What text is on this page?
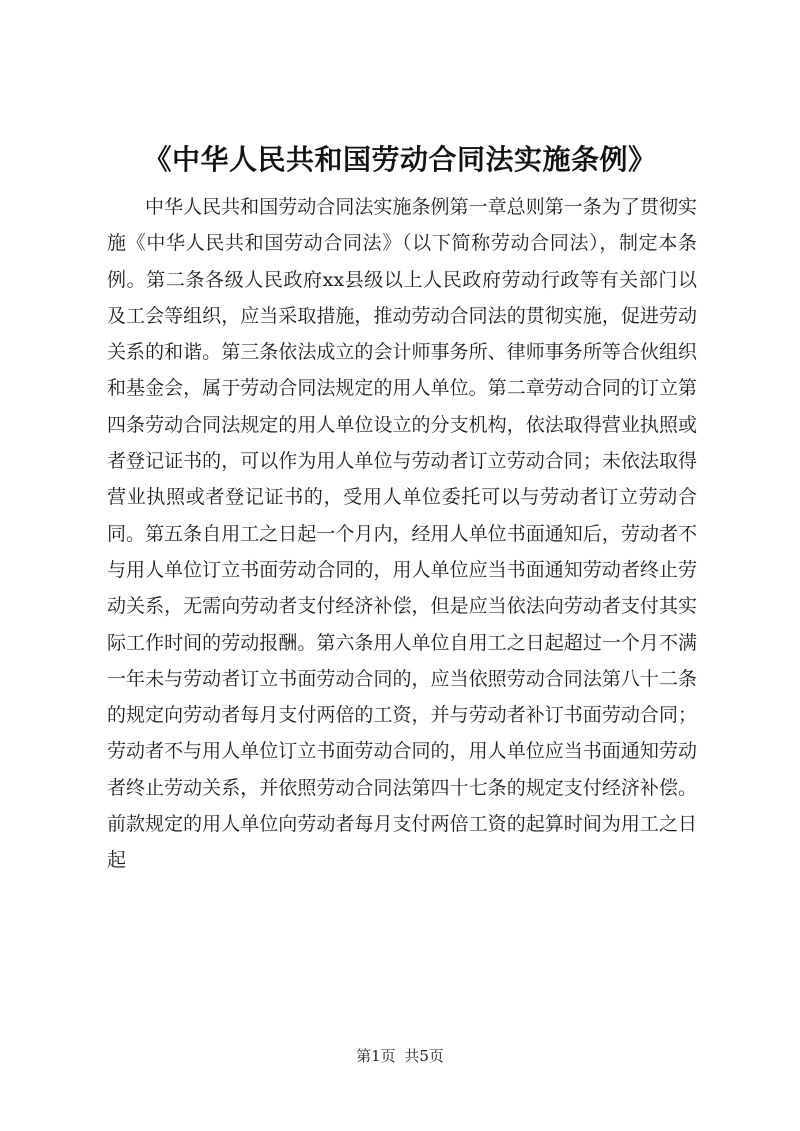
《中华人民共和国劳动合同法实施条例》

中华人民共和国劳动合同法实施条例第一章总则第一条为了贯彻实施《中华人民共和国劳动合同法》（以下简称劳动合同法），制定本条例。第二条各级人民政府xx县级以上人民政府劳动行政等有关部门以及工会等组织，应当采取措施，推动劳动合同法的贯彻实施，促进劳动关系的和谐。第三条依法成立的会计师事务所、律师事务所等合伙组织和基金会，属于劳动合同法规定的用人单位。第二章劳动合同的订立第四条劳动合同法规定的用人单位设立的分支机构，依法取得营业执照或者登记证书的，可以作为用人单位与劳动者订立劳动合同；未依法取得营业执照或者登记证书的，受用人单位委托可以与劳动者订立劳动合同。第五条自用工之日起一个月内，经用人单位书面通知后，劳动者不与用人单位订立书面劳动合同的，用人单位应当书面通知劳动者终止劳动关系，无需向劳动者支付经济补偿，但是应当依法向劳动者支付其实际工作时间的劳动报酬。第六条用人单位自用工之日起超过一个月不满一年未与劳动者订立书面劳动合同的，应当依照劳动合同法第八十二条的规定向劳动者每月支付两倍的工资，并与劳动者补订书面劳动合同；劳动者不与用人单位订立书面劳动合同的，用人单位应当书面通知劳动者终止劳动关系，并依照劳动合同法第四十七条的规定支付经济补偿。前款规定的用人单位向劳动者每月支付两倍工资的起算时间为用工之日起

第1页 共5页
